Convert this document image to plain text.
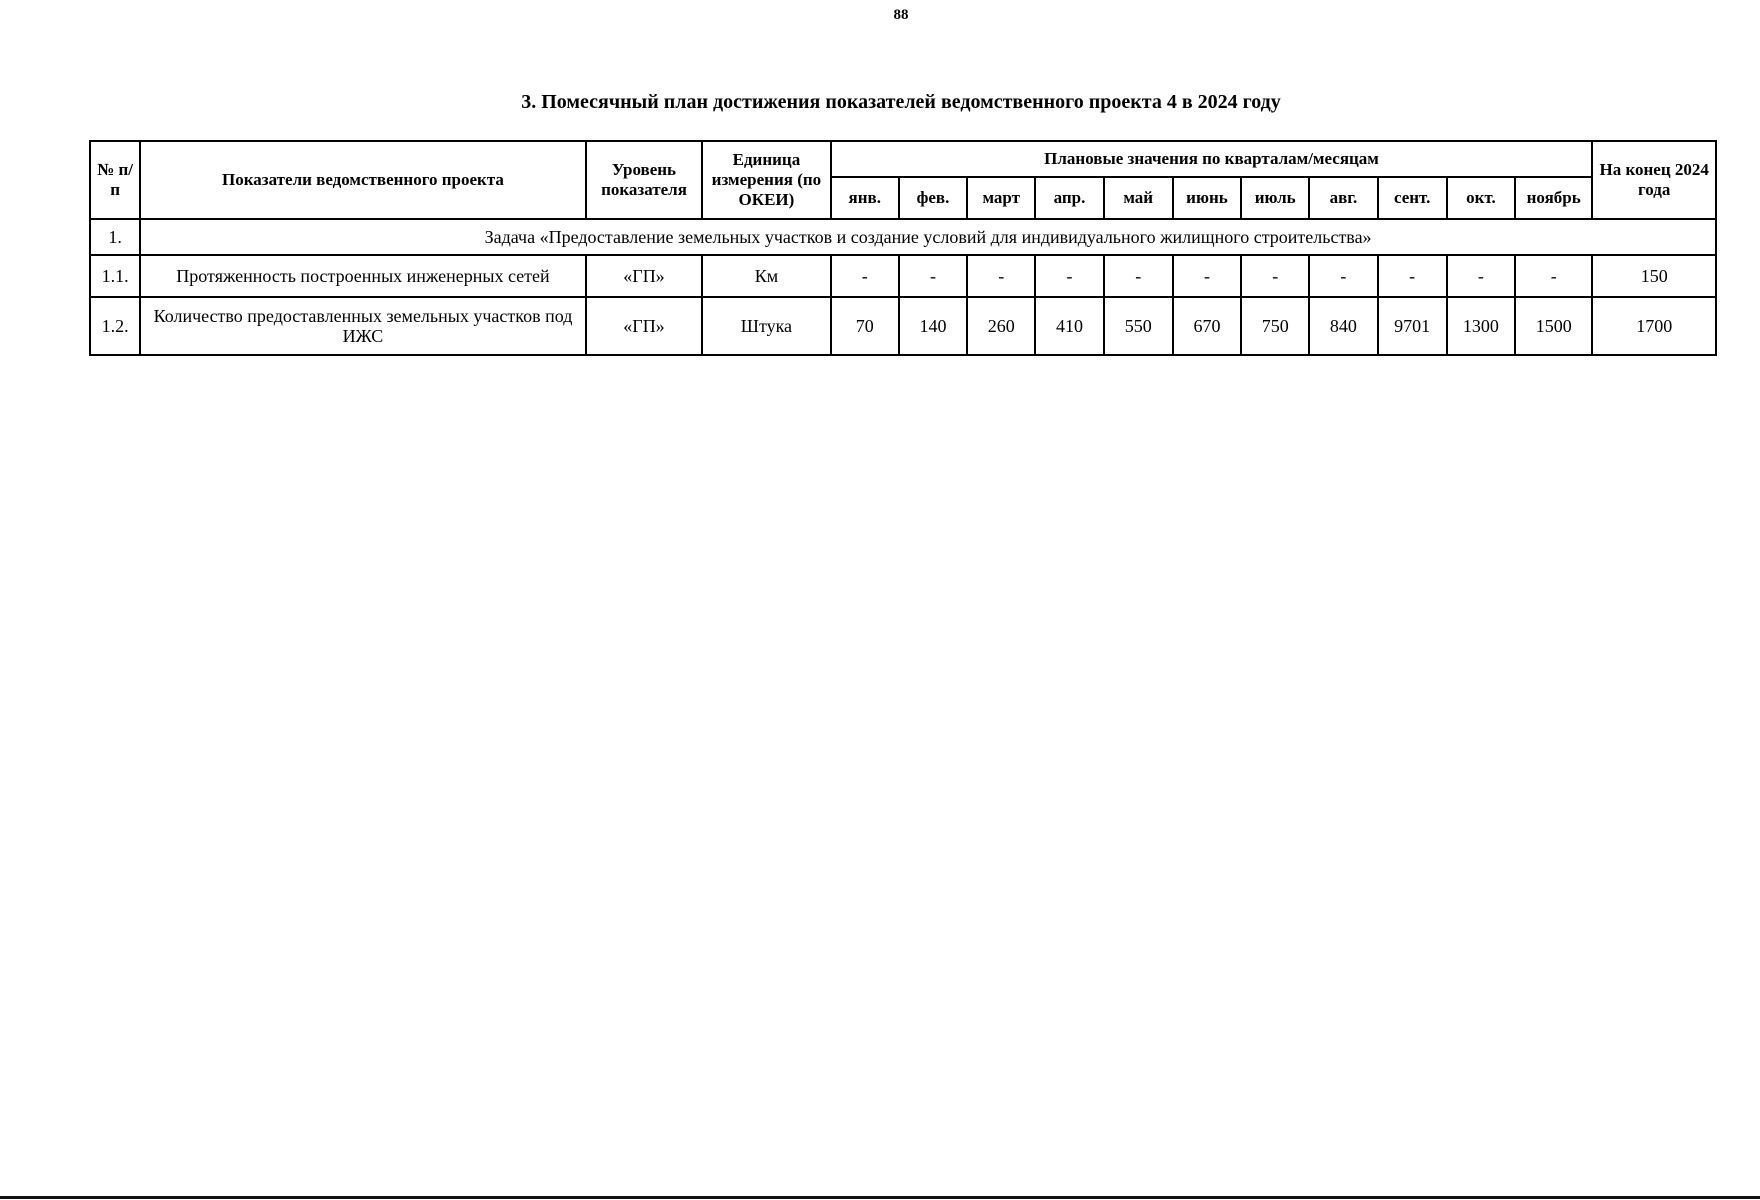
88
3. Помесячный план достижения показателей ведомственного проекта 4 в 2024 году
№ п/п	Показатели ведомственного проекта	Уровень показателя	Единица измерения (по ОКЕИ)	Плановые значения по кварталам/месяцам											На конец 2024 года
				янв.	фев.	март	апр.	май	июнь	июль	авг.	сент.	окт.	ноябрь	
1.	Задача «Предоставление земельных участков и создание условий для индивидуального жилищного строительства»														
1.1.	Протяженность построенных инженерных сетей	«ГП»	Км	-	-	-	-	-	-	-	-	-	-	-	150
1.2.	Количество предоставленных земельных участков под ИЖС	«ГП»	Штука	70	140	260	410	550	670	750	840	9701	1300	1500	1700
